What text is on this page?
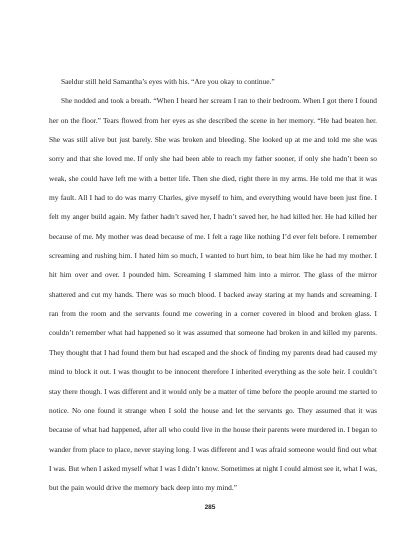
Saeldur still held Samantha’s eyes with his. “Are you okay to continue.”

She nodded and took a breath. “When I heard her scream I ran to their bedroom. When I got there I found her on the floor.” Tears flowed from her eyes as she described the scene in her memory. “He had beaten her. She was still alive but just barely. She was broken and bleeding. She looked up at me and told me she was sorry and that she loved me. If only she had been able to reach my father sooner, if only she hadn’t been so weak, she could have left me with a better life. Then she died, right there in my arms. He told me that it was my fault. All I had to do was marry Charles, give myself to him, and everything would have been just fine. I felt my anger build again. My father hadn’t saved her, I hadn’t saved her, he had killed her. He had killed her because of me. My mother was dead because of me. I felt a rage like nothing I’d ever felt before. I remember screaming and rushing him. I hated him so much, I wanted to hurt him, to beat him like he had my mother. I hit him over and over. I pounded him. Screaming I slammed him into a mirror. The glass of the mirror shattered and cut my hands. There was so much blood. I backed away staring at my hands and screaming. I ran from the room and the servants found me cowering in a corner covered in blood and broken glass. I couldn’t remember what had happened so it was assumed that someone had broken in and killed my parents. They thought that I had found them but had escaped and the shock of finding my parents dead had caused my mind to block it out. I was thought to be innocent therefore I inherited everything as the sole heir. I couldn’t stay there though. I was different and it would only be a matter of time before the people around me started to notice. No one found it strange when I sold the house and let the servants go. They assumed that it was because of what had happened, after all who could live in the house their parents were murdered in. I began to wander from place to place, never staying long. I was different and I was afraid someone would find out what I was. But when I asked myself what I was I didn’t know. Sometimes at night I could almost see it, what I was, but the pain would drive the memory back deep into my mind.”

285
